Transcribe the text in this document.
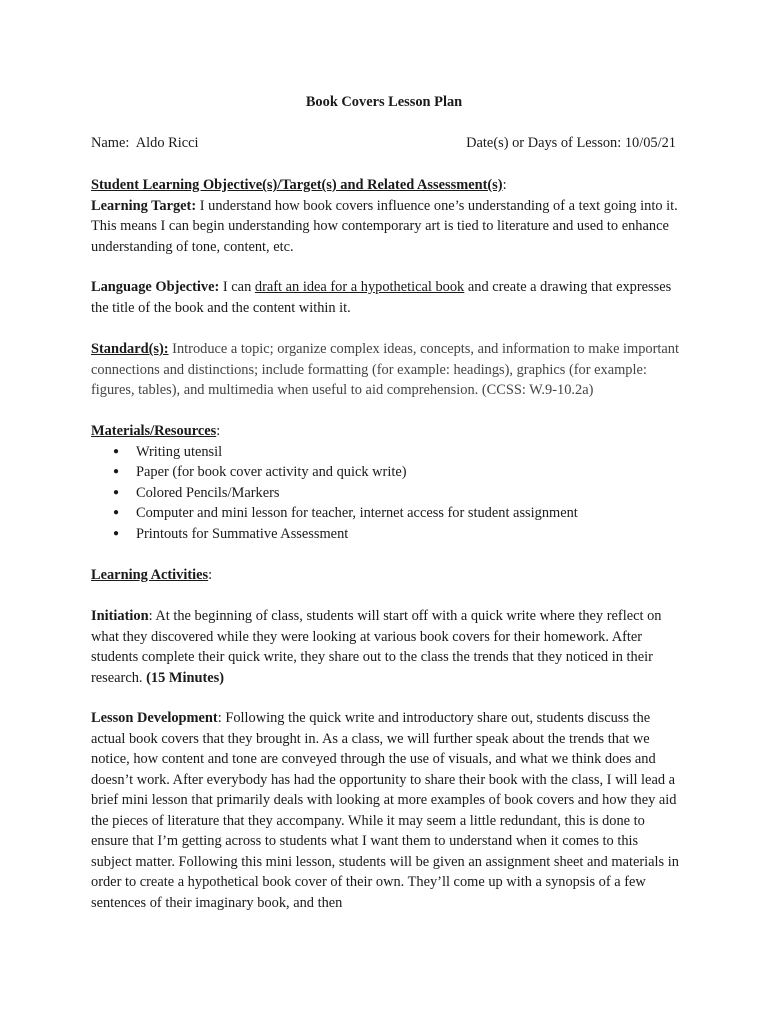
Book Covers Lesson Plan
Name: Aldo Ricci	Date(s) or Days of Lesson: 10/05/21

Student Learning Objective(s)/Target(s) and Related Assessment(s):

Learning Target: I understand how book covers influence one’s understanding of a text going into it. This means I can begin understanding how contemporary art is tied to literature and used to enhance understanding of tone, content, etc.

Language Objective: I can draft an idea for a hypothetical book and create a drawing that expresses the title of the book and the content within it.

Standard(s): Introduce a topic; organize complex ideas, concepts, and information to make important connections and distinctions; include formatting (for example: headings), graphics (for example: figures, tables), and multimedia when useful to aid comprehension. (CCSS: W.9-10.2a)

Materials/Resources:

● Writing utensil
● Paper (for book cover activity and quick write)
● Colored Pencils/Markers
● Computer and mini lesson for teacher, internet access for student assignment
● Printouts for Summative Assessment

Learning Activities:

Initiation: At the beginning of class, students will start off with a quick write where they reflect on what they discovered while they were looking at various book covers for their homework. After students complete their quick write, they share out to the class the trends that they noticed in their research. (15 Minutes)

Lesson Development: Following the quick write and introductory share out, students discuss the actual book covers that they brought in. As a class, we will further speak about the trends that we notice, how content and tone are conveyed through the use of visuals, and what we think does and doesn’t work. After everybody has had the opportunity to share their book with the class, I will lead a brief mini lesson that primarily deals with looking at more examples of book covers and how they aid the pieces of literature that they accompany. While it may seem a little redundant, this is done to ensure that I’m getting across to students what I want them to understand when it comes to this subject matter. Following this mini lesson, students will be given an assignment sheet and materials in order to create a hypothetical book cover of their own. They’ll come up with a synopsis of a few sentences of their imaginary book, and then
